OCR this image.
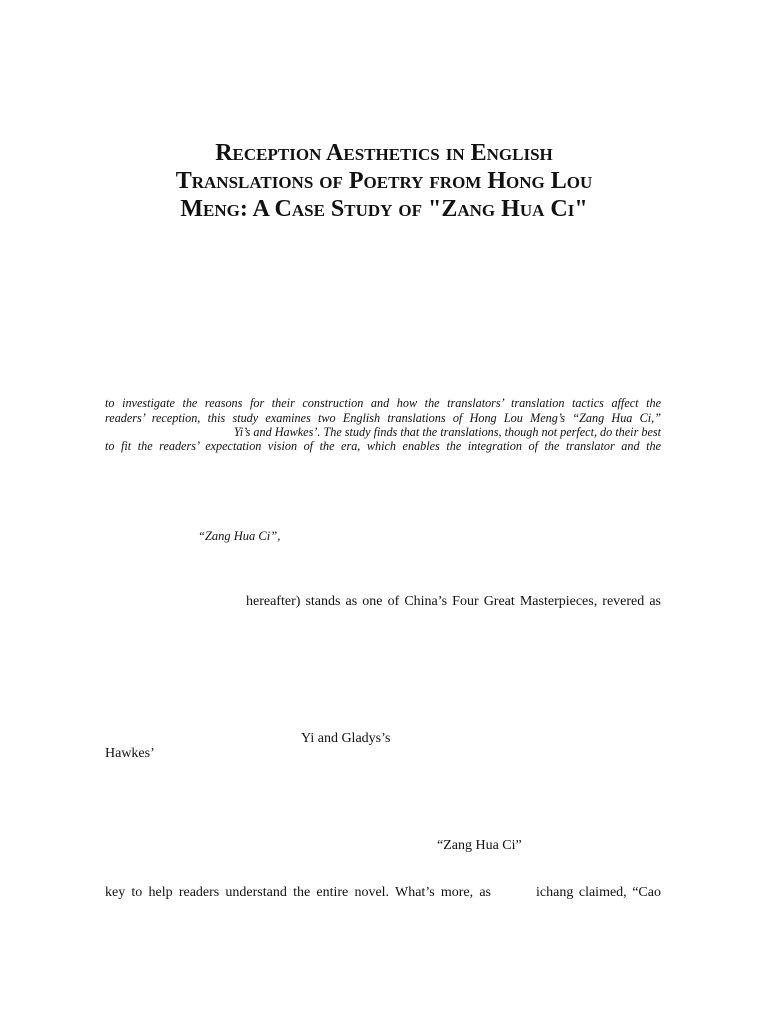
Reception Aesthetics in English
Translations of Poetry from Hong Lou
Meng: A Case Study of "Zang Hua Ci"
to investigate the reasons for their construction and how the translators’ translation tactics affect the
readers’ reception, this study examines two English translations of Hong Lou Meng’s “Zang Hua Ci,”
Yi’s and Hawkes’. The study finds that the translations, though not perfect, do their best
to fit the readers’ expectation vision of the era, which enables the integration of the translator and the
“Zang Hua Ci”,
hereafter) stands as one of China’s Four Great Masterpieces, revered as
Yi and Gladys’s
Hawkes’
“Zang Hua Ci”
key to help readers understand the entire novel. What’s more, as	ichang claimed, “Cao
